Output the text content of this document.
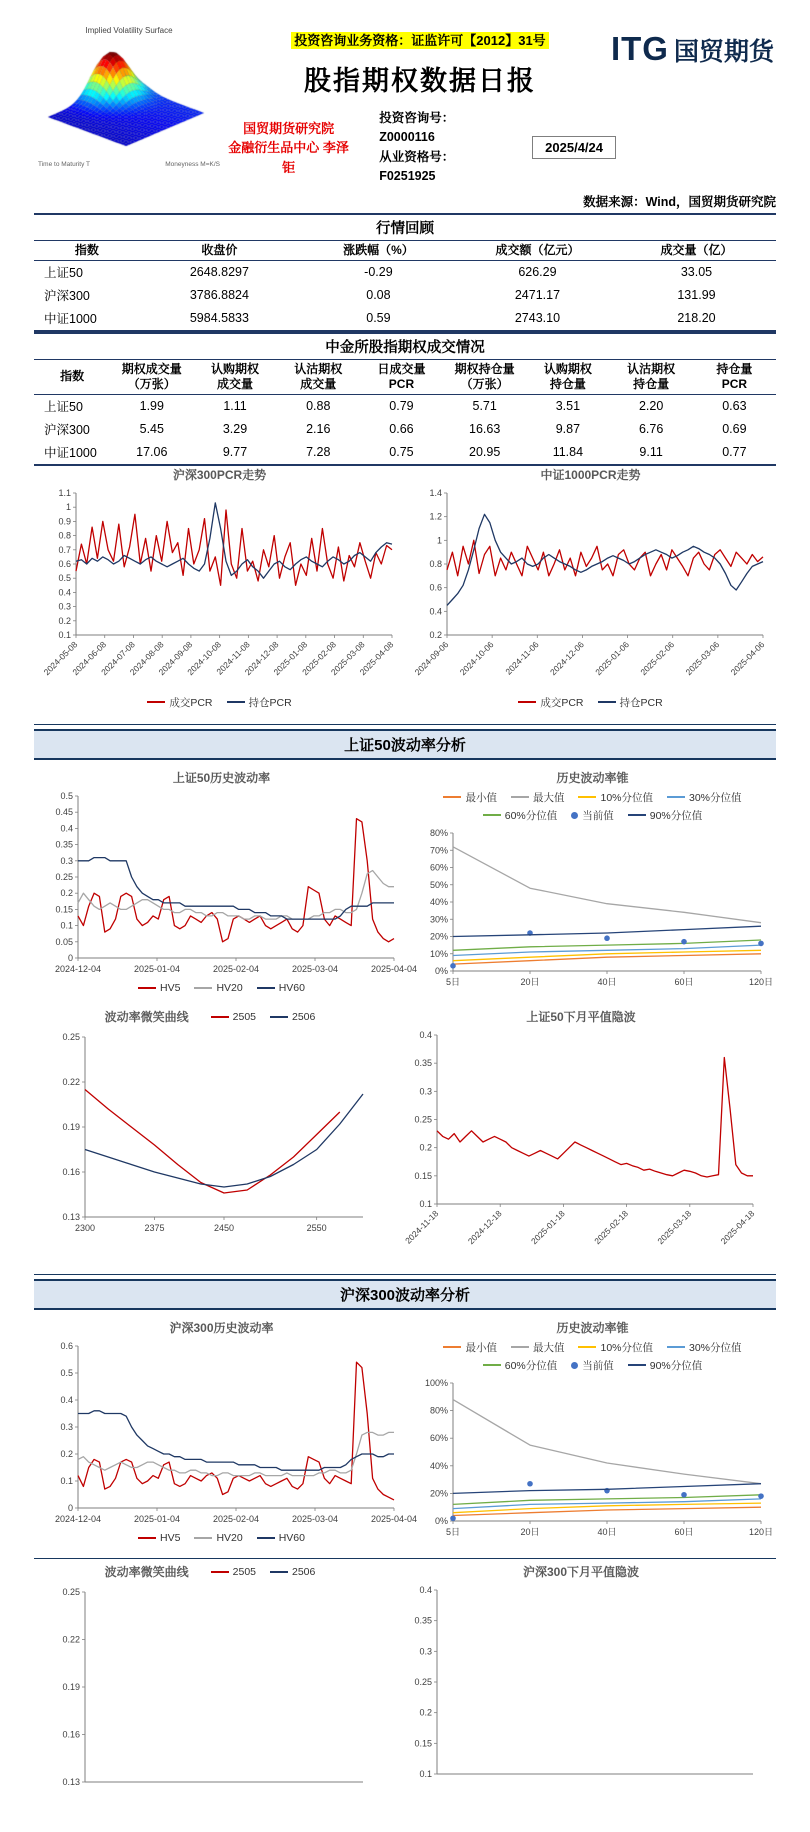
Implied Volatility Surface
Time to Maturity T	Moneyness M=K/S
投资咨询业务资格：证监许可【2012】31号
股指期权数据日报
国贸期货研究院
金融衍生品中心 李泽钜
投资咨询号：Z0000116
从业资格号：F0251925
2025/4/24
ITG 国贸期货
数据来源：Wind，国贸期货研究院
行情回顾
指数	收盘价	涨跌幅（%）	成交额（亿元）	成交量（亿）
上证50	2648.8297	-0.29	626.29	33.05
沪深300	3786.8824	0.08	2471.17	131.99
中证1000	5984.5833	0.59	2743.10	218.20
中金所股指期权成交情况
指数	期权成交量
（万张）	认购期权
成交量	认沽期权
成交量	日成交量
PCR	期权持仓量
（万张）	认购期权
持仓量	认沽期权
持仓量	持仓量
PCR
上证50	1.99	1.11	0.88	0.79	5.71	3.51	2.20	0.63
沪深300	5.45	3.29	2.16	0.66	16.63	9.87	6.76	0.69
中证1000	17.06	9.77	7.28	0.75	20.95	11.84	9.11	0.77
沪深300PCR走势
0.1
0.2
0.3
0.4
0.5
0.6
0.7
0.8
0.9
1
1.1
2024-05-08
2024-06-08
2024-07-08
2024-08-08
2024-09-08
2024-10-08
2024-11-08
2024-12-08
2025-01-08
2025-02-08
2025-03-08
2025-04-08
成交PCR	持仓PCR
中证1000PCR走势
0.2
0.4
0.6
0.8
1
1.2
1.4
2024-09-06 2024-10-06 2024-11-06 2024-12-06 2025-01-06 2025-02-06 2025-03-06 2025-04-06
成交PCR	持仓PCR
上证50波动率分析
上证50历史波动率
0
0.05
0.1
0.15
0.2
0.25
0.3
0.35
0.4
0.45
0.5
2024-12-04	2025-01-04	2025-02-04	2025-03-04	2025-04-04
HV5	HV20	HV60
历史波动率锥
最小值	最大值	10%分位值	30%分位值
60%分位值 当前值	90%分位值
0%
10%
20%
30%
40%
50%
60%
70%
80%
5日	20日	40日	60日	120日
波动率微笑曲线	2505	2506
0.13
0.16
0.19
0.22
0.25
2300	2375	2450	2550
上证50下月平值隐波
0.1
0.15
0.2
0.25
0.3
0.35
0.4
2024-11-18	2024-12-18	2025-01-18	2025-02-18	2025-03-18	2025-04-18
沪深300波动率分析
沪深300历史波动率
0
0.1
0.2
0.3
0.4
0.5
0.6
2024-12-04	2025-01-04	2025-02-04	2025-03-04	2025-04-04
HV5	HV20	HV60
历史波动率锥
最小值	最大值	10%分位值	30%分位值
60%分位值 当前值	90%分位值
0%
20%
40%
60%
80%
100%
5日	20日	40日	60日	120日
波动率微笑曲线	2505	2506
0.13
0.16
0.19
0.22
0.25
沪深300下月平值隐波
0.1
0.15
0.2
0.25
0.3
0.35
0.4
